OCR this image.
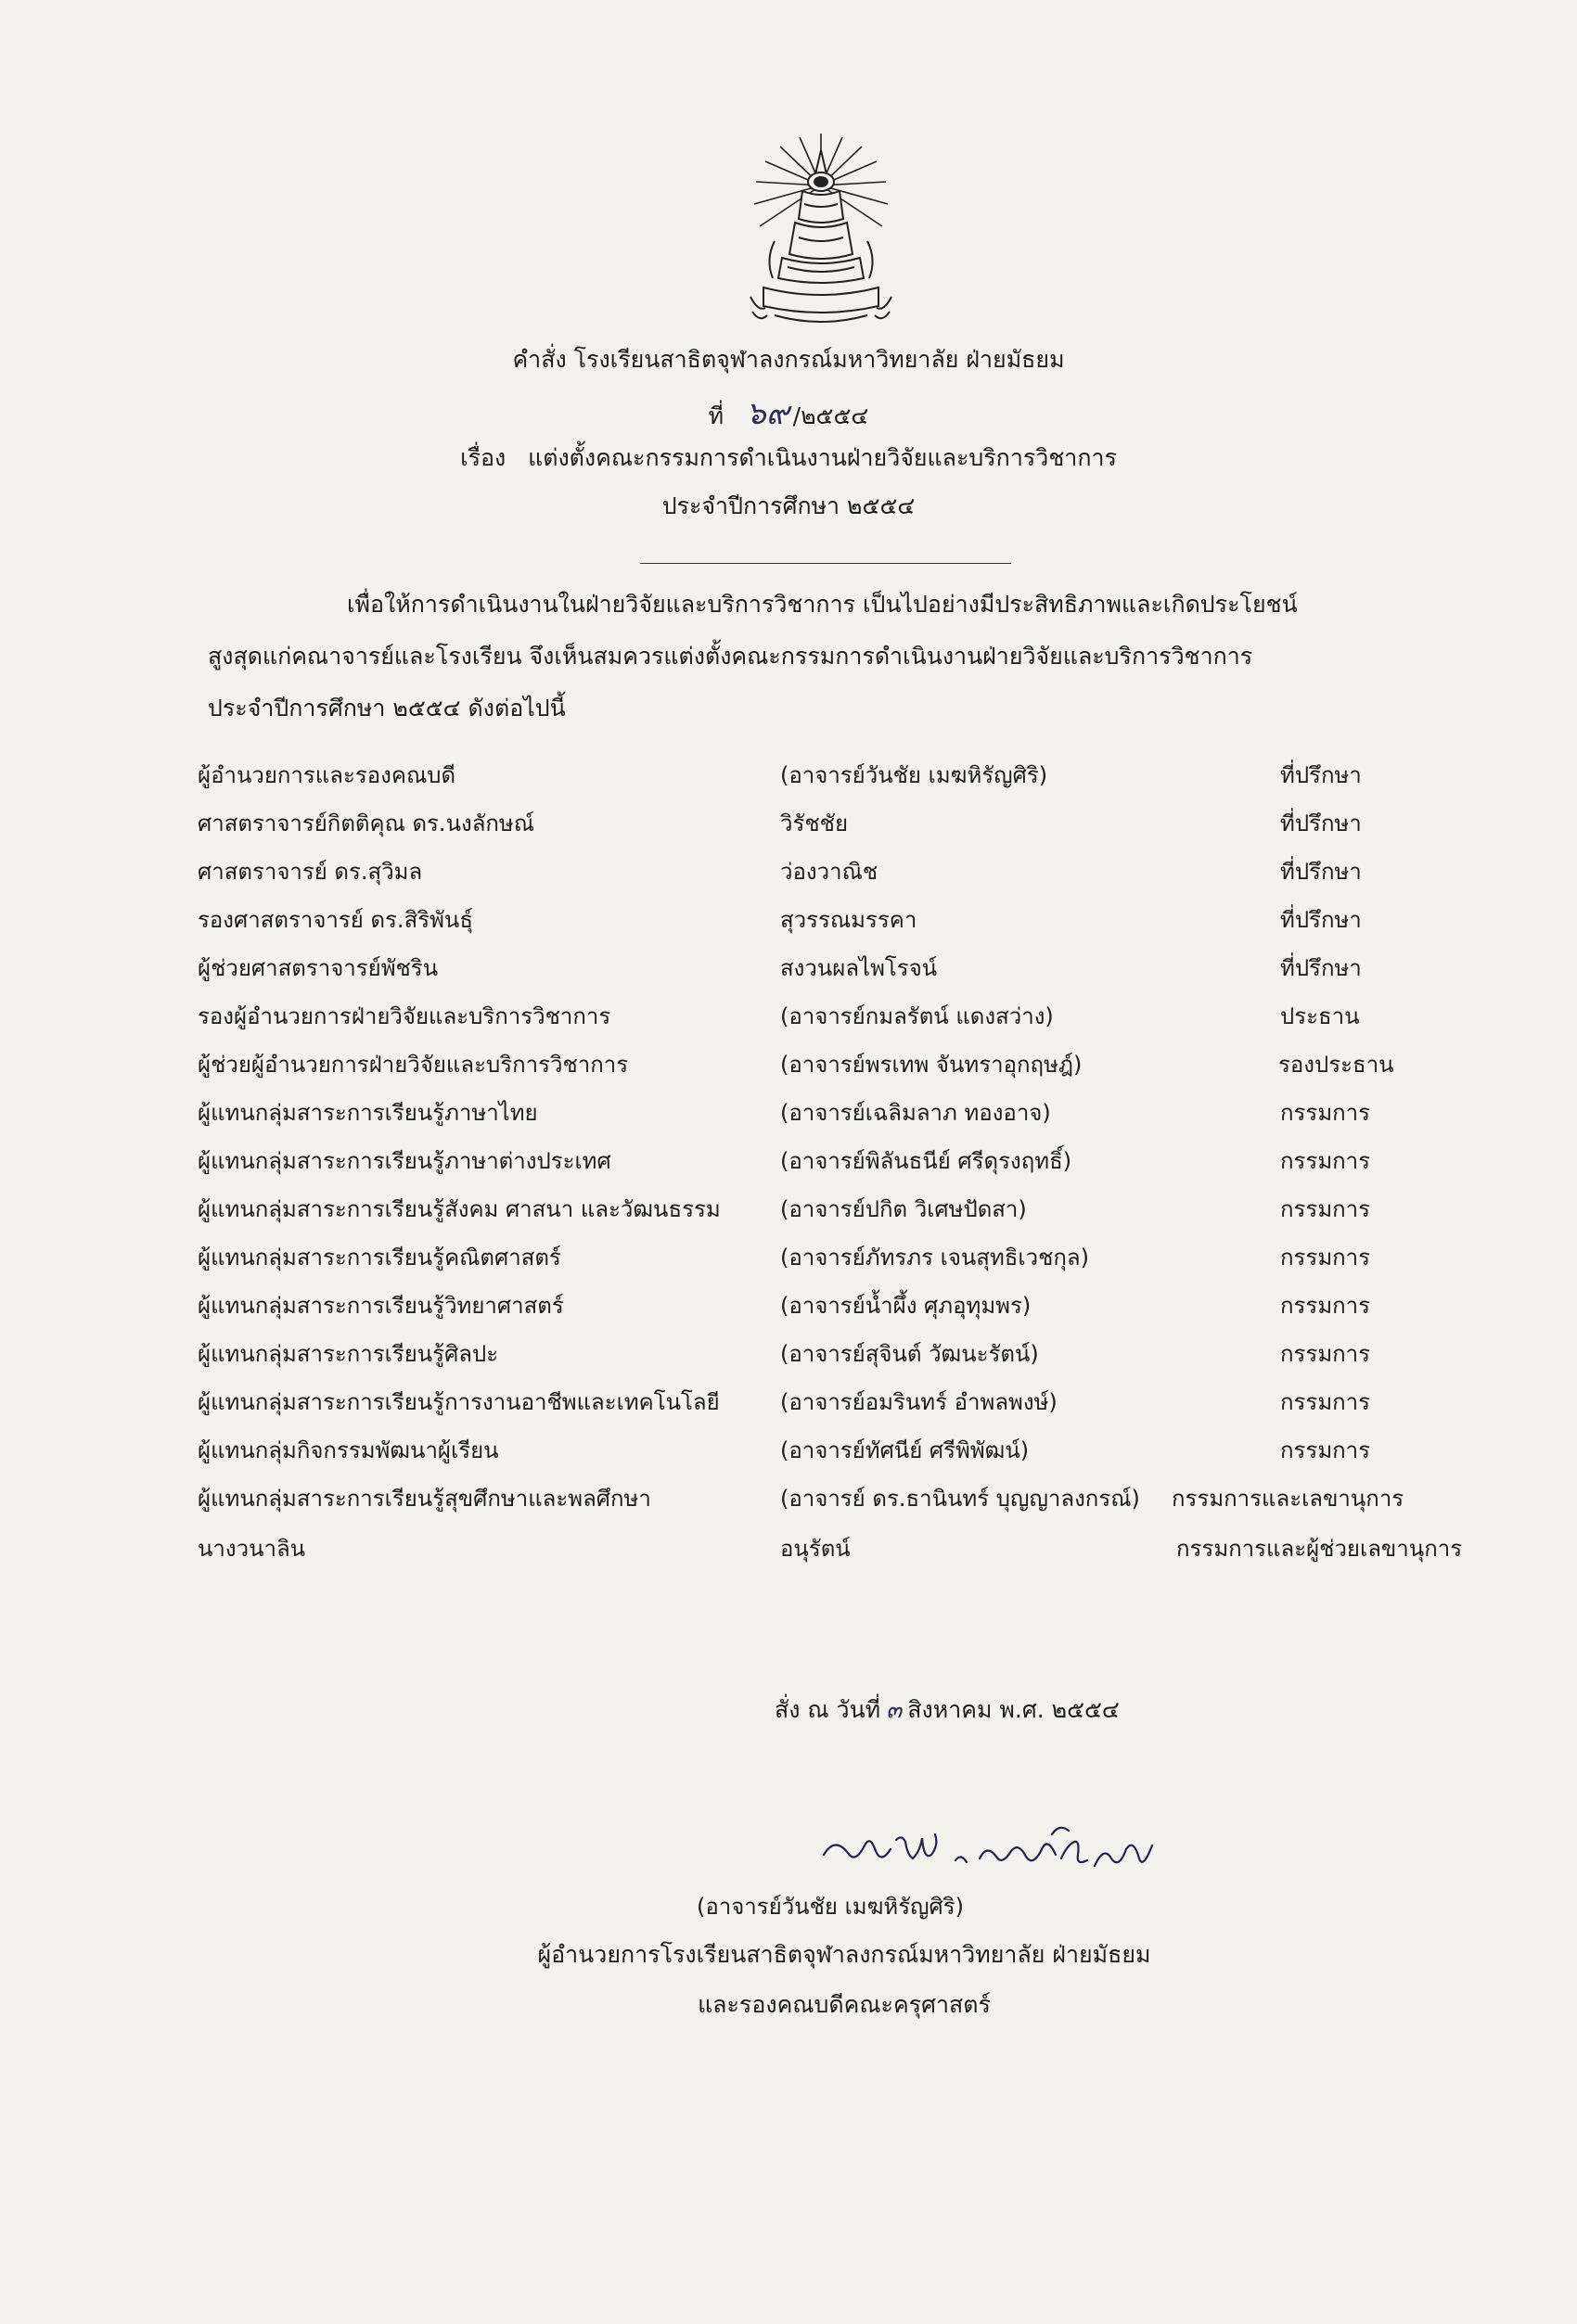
คำสั่ง โรงเรียนสาธิตจุฬาลงกรณ์มหาวิทยาลัย ฝ่ายมัธยม
ที่ ๖๙ /๒๕๕๔
เรื่อง แต่งตั้งคณะกรรมการดำเนินงานฝ่ายวิจัยและบริการวิชาการ
ประจำปีการศึกษา ๒๕๕๔

เพื่อให้การดำเนินงานในฝ่ายวิจัยและบริการวิชาการ เป็นไปอย่างมีประสิทธิภาพและเกิดประโยชน์

สูงสุดแก่คณาจารย์และโรงเรียน จึงเห็นสมควรแต่งตั้งคณะกรรมการดำเนินงานฝ่ายวิจัยและบริการวิชาการ

ประจำปีการศึกษา ๒๕๕๔ ดังต่อไปนี้

ผู้อำนวยการและรองคณบดี	(อาจารย์วันชัย เมฆหิรัญศิริ)	ที่ปรึกษา
ศาสตราจารย์กิตติคุณ ดร.นงลักษณ์	วิรัชชัย	ที่ปรึกษา
ศาสตราจารย์ ดร.สุวิมล	ว่องวาณิช	ที่ปรึกษา
รองศาสตราจารย์ ดร.สิริพันธุ์	สุวรรณมรรคา	ที่ปรึกษา
ผู้ช่วยศาสตราจารย์พัชริน	สงวนผลไพโรจน์	ที่ปรึกษา
รองผู้อำนวยการฝ่ายวิจัยและบริการวิชาการ	(อาจารย์กมลรัตน์ แดงสว่าง)	ประธาน
ผู้ช่วยผู้อำนวยการฝ่ายวิจัยและบริการวิชาการ	(อาจารย์พรเทพ จันทราอุกฤษฎ์)	รองประธาน
ผู้แทนกลุ่มสาระการเรียนรู้ภาษาไทย	(อาจารย์เฉลิมลาภ ทองอาจ)	กรรมการ
ผู้แทนกลุ่มสาระการเรียนรู้ภาษาต่างประเทศ	(อาจารย์พิลันธนีย์ ศรีดุรงฤทธิ์)	กรรมการ
ผู้แทนกลุ่มสาระการเรียนรู้สังคม ศาสนา และวัฒนธรรม	(อาจารย์ปกิต วิเศษปัดสา)	กรรมการ
ผู้แทนกลุ่มสาระการเรียนรู้คณิตศาสตร์	(อาจารย์ภัทรภร เจนสุทธิเวชกุล)	กรรมการ
ผู้แทนกลุ่มสาระการเรียนรู้วิทยาศาสตร์	(อาจารย์น้ำผึ้ง ศุภอุทุมพร)	กรรมการ
ผู้แทนกลุ่มสาระการเรียนรู้ศิลปะ	(อาจารย์สุจินต์ วัฒนะรัตน์)	กรรมการ
ผู้แทนกลุ่มสาระการเรียนรู้การงานอาชีพและเทคโนโลยี	(อาจารย์อมรินทร์ อำพลพงษ์)	กรรมการ
ผู้แทนกลุ่มกิจกรรมพัฒนาผู้เรียน	(อาจารย์ทัศนีย์ ศรีพิพัฒน์)	กรรมการ
ผู้แทนกลุ่มสาระการเรียนรู้สุขศึกษาและพลศึกษา	(อาจารย์ ดร.ธานินทร์ บุญญาลงกรณ์) กรรมการและเลขานุการ
นางวนาลิน	อนุรัตน์	กรรมการและผู้ช่วยเลขานุการ
สั่ง ณ วันที่ ๓ สิงหาคม พ.ศ. ๒๕๕๔
(อาจารย์วันชัย เมฆหิรัญศิริ)
ผู้อำนวยการโรงเรียนสาธิตจุฬาลงกรณ์มหาวิทยาลัย ฝ่ายมัธยม
และรองคณบดีคณะครุศาสตร์
